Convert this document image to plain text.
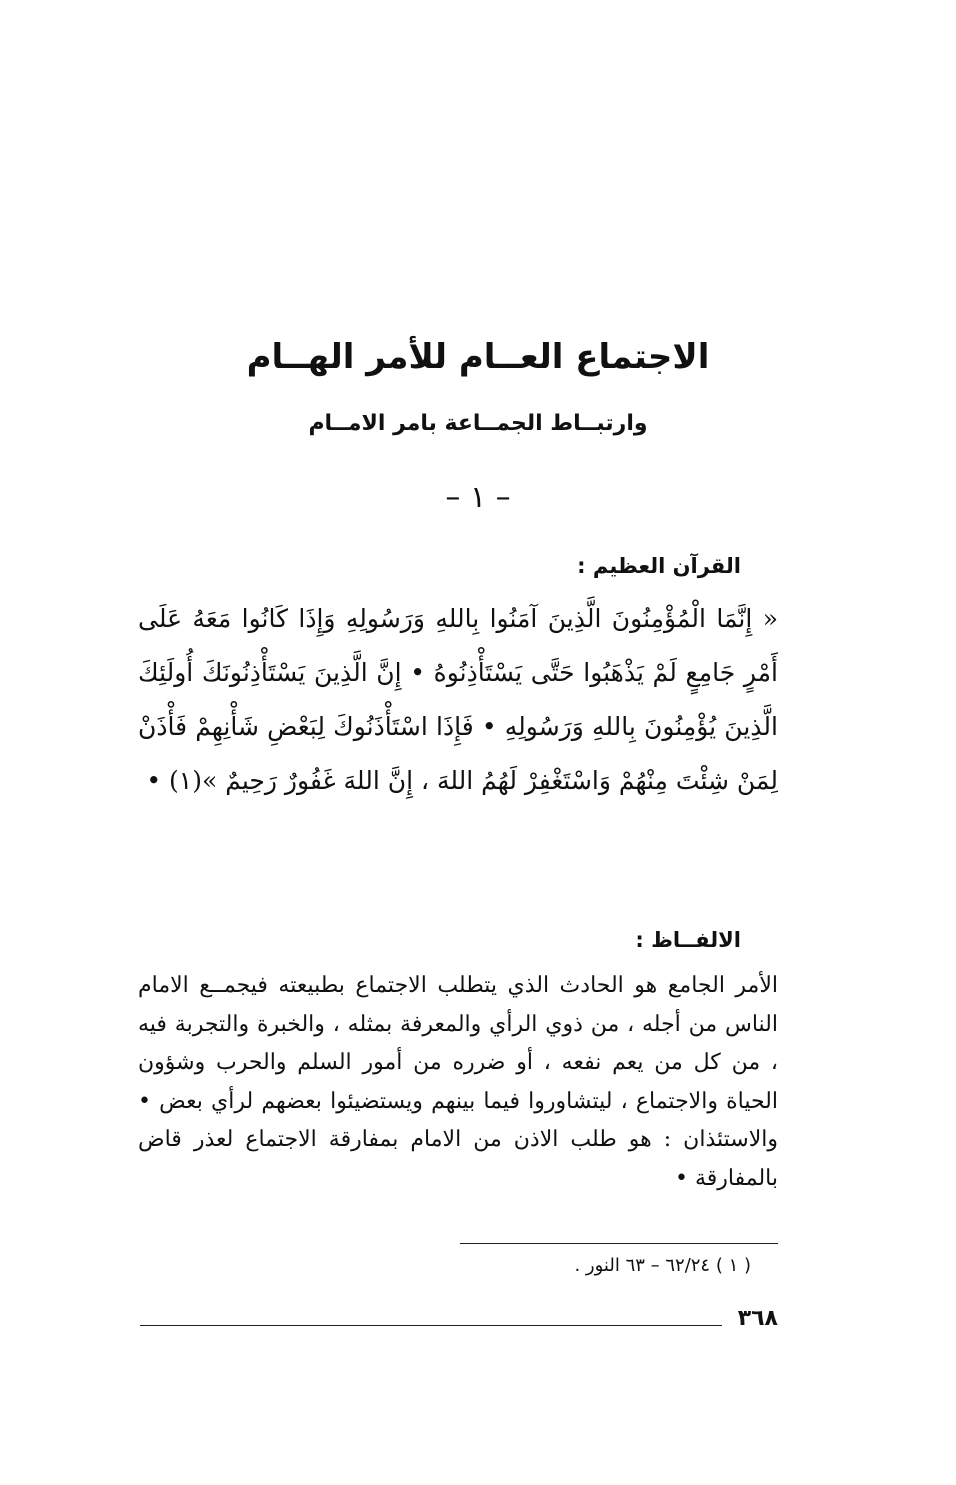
الاجتماع العــام للأمر الهــام
وارتبــاط الجمــاعة بامر الامــام
– ١ –
القرآن العظيم :
« إِنَّمَا الْمُؤْمِنُونَ الَّذِينَ آمَنُوا بِاللهِ وَرَسُولِهِ وَإِذَا كَانُوا مَعَهُ عَلَى أَمْرٍ جَامِعٍ لَمْ يَذْهَبُوا حَتَّى يَسْتَأْذِنُوهُ • إِنَّ الَّذِينَ يَسْتَأْذِنُونَكَ أُولَئِكَ الَّذِينَ يُؤْمِنُونَ بِاللهِ وَرَسُولِهِ • فَإِذَا اسْتَأْذَنُوكَ لِبَعْضِ شَأْنِهِمْ فَأْذَنْ لِمَنْ شِئْتَ مِنْهُمْ وَاسْتَغْفِرْ لَهُمُ اللهَ ، إِنَّ اللهَ غَفُورٌ رَحِيمٌ »(١) •
الالفــاظ :
الأمر الجامع هو الحادث الذي يتطلب الاجتماع بطبيعته فيجمــع الامام الناس من أجله ، من ذوي الرأي والمعرفة بمثله ، والخبرة والتجربة فيه ، من كل من يعم نفعه ، أو ضرره من أمور السلم والحرب وشؤون الحياة والاجتماع ، ليتشاوروا فيما بينهم ويستضيئوا بعضهم لرأي بعض • والاستئذان : هو طلب الاذن من الامام بمفارقة الاجتماع لعذر قاض بالمفارقة •
( ١ ) ٦٢/٢٤ – ٦٣ النور .
٣٦٨
